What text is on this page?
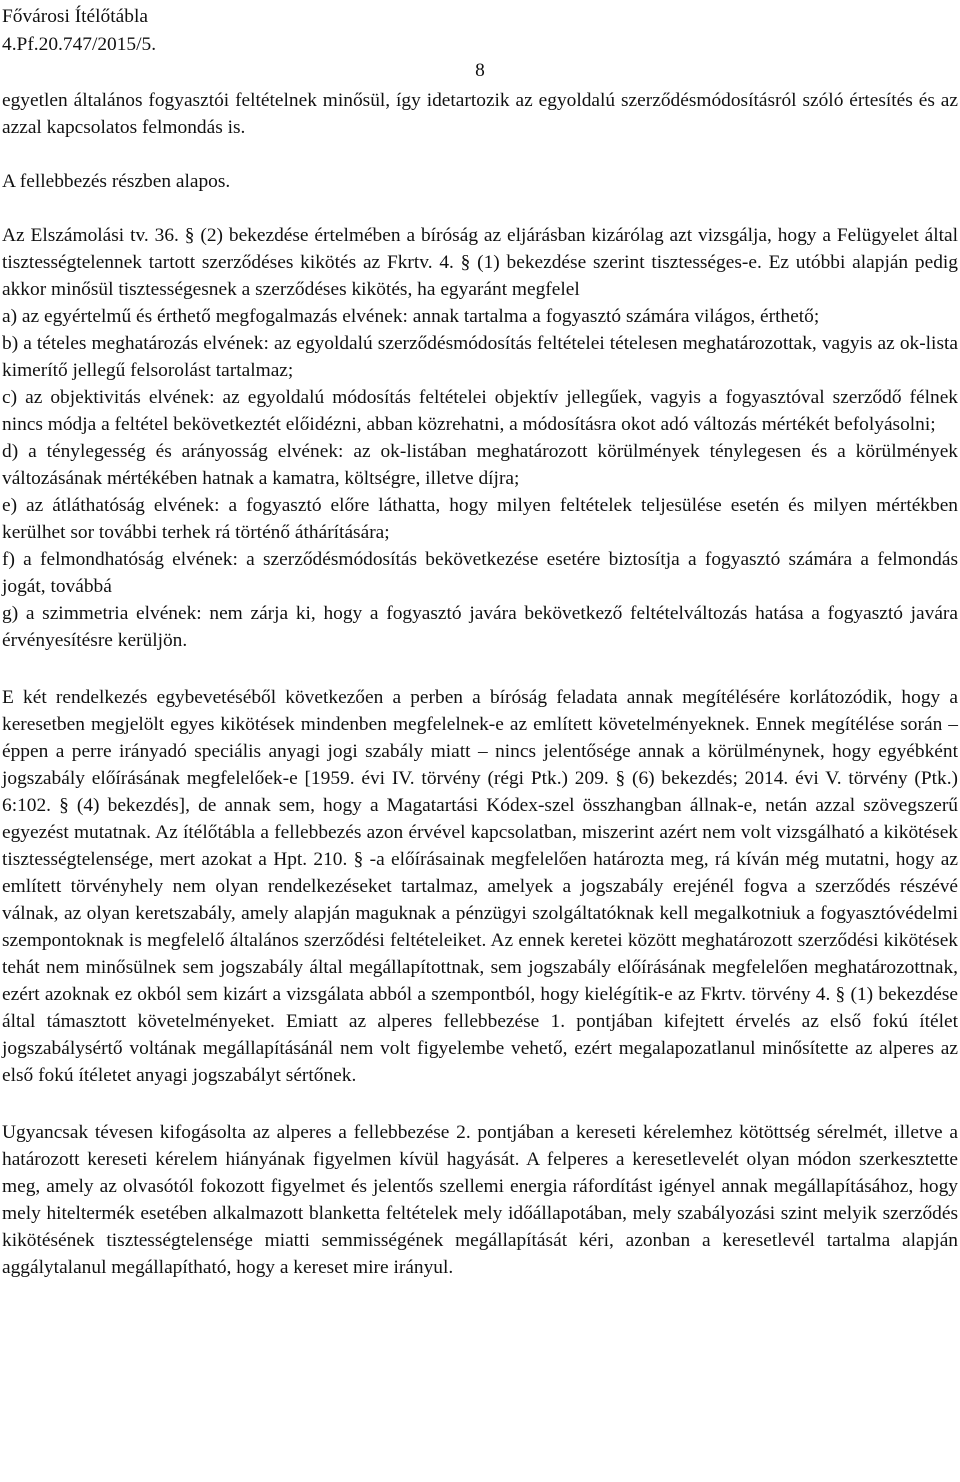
Fővárosi Ítélőtábla
4.Pf.20.747/2015/5.
8

egyetlen általános fogyasztói feltételnek minősül, így idetartozik az egyoldalú szerződésmódosításról szóló értesítés és az azzal kapcsolatos felmondás is.

A fellebbezés részben alapos.

Az Elszámolási tv. 36. § (2) bekezdése értelmében a bíróság az eljárásban kizárólag azt vizsgálja, hogy a Felügyelet által tisztességtelennek tartott szerződéses kikötés az Fkrtv. 4. § (1) bekezdése szerint tisztességes-e. Ez utóbbi alapján pedig akkor minősül tisztességesnek a szerződéses kikötés, ha egyaránt megfelel

a) az egyértelmű és érthető megfogalmazás elvének: annak tartalma a fogyasztó számára világos, érthető;

b) a tételes meghatározás elvének: az egyoldalú szerződésmódosítás feltételei tételesen meghatározottak, vagyis az ok-lista kimerítő jellegű felsorolást tartalmaz;

c) az objektivitás elvének: az egyoldalú módosítás feltételei objektív jellegűek, vagyis a fogyasztóval szerződő félnek nincs módja a feltétel bekövetkeztét előidézni, abban közrehatni, a módosításra okot adó változás mértékét befolyásolni;

d) a ténylegesség és arányosság elvének: az ok-listában meghatározott körülmények ténylegesen és a körülmények változásának mértékében hatnak a kamatra, költségre, illetve díjra;

e) az átláthatóság elvének: a fogyasztó előre láthatta, hogy milyen feltételek teljesülése esetén és milyen mértékben kerülhet sor további terhek rá történő áthárítására;

f) a felmondhatóság elvének: a szerződésmódosítás bekövetkezése esetére biztosítja a fogyasztó számára a felmondás jogát, továbbá

g) a szimmetria elvének: nem zárja ki, hogy a fogyasztó javára bekövetkező feltételváltozás hatása a fogyasztó javára érvényesítésre kerüljön.

E két rendelkezés egybevetéséből következően a perben a bíróság feladata annak megítélésére korlátozódik, hogy a keresetben megjelölt egyes kikötések mindenben megfelelnek-e az említett követelményeknek. Ennek megítélése során – éppen a perre irányadó speciális anyagi jogi szabály miatt – nincs jelentősége annak a körülménynek, hogy egyébként jogszabály előírásának megfelelőek-e [1959. évi IV. törvény (régi Ptk.) 209. § (6) bekezdés; 2014. évi V. törvény (Ptk.) 6:102. § (4) bekezdés], de annak sem, hogy a Magatartási Kódex-szel összhangban állnak-e, netán azzal szövegszerű egyezést mutatnak. Az ítélőtábla a fellebbezés azon érvével kapcsolatban, miszerint azért nem volt vizsgálható a kikötések tisztességtelensége, mert azokat a Hpt. 210. § -a előírásainak megfelelően határozta meg, rá kíván még mutatni, hogy az említett törvényhely nem olyan rendelkezéseket tartalmaz, amelyek a jogszabály erejénél fogva a szerződés részévé válnak, az olyan keretszabály, amely alapján maguknak a pénzügyi szolgáltatóknak kell megalkotniuk a fogyasztóvédelmi szempontoknak is megfelelő általános szerződési feltételeiket. Az ennek keretei között meghatározott szerződési kikötések tehát nem minősülnek sem jogszabály által megállapítottnak, sem jogszabály előírásának megfelelően meghatározottnak, ezért azoknak ez okból sem kizárt a vizsgálata abból a szempontból, hogy kielégítik-e az Fkrtv. törvény 4. § (1) bekezdése által támasztott követelményeket. Emiatt az alperes fellebbezése 1. pontjában kifejtett érvelés az első fokú ítélet jogszabálysértő voltának megállapításánál nem volt figyelembe vehető, ezért megalapozatlanul minősítette az alperes az első fokú ítéletet anyagi jogszabályt sértőnek.

Ugyancsak tévesen kifogásolta az alperes a fellebbezése 2. pontjában a kereseti kérelemhez kötöttség sérelmét, illetve a határozott kereseti kérelem hiányának figyelmen kívül hagyását. A felperes a keresetlevelét olyan módon szerkesztette meg, amely az olvasótól fokozott figyelmet és jelentős szellemi energia ráfordítást igényel annak megállapításához, hogy mely hiteltermék esetében alkalmazott blanketta feltételek mely időállapotában, mely szabályozási szint melyik szerződés kikötésének tisztességtelensége miatti semmisségének megállapítását kéri, azonban a keresetlevél tartalma alapján aggálytalanul megállapítható, hogy a kereset mire irányul.
